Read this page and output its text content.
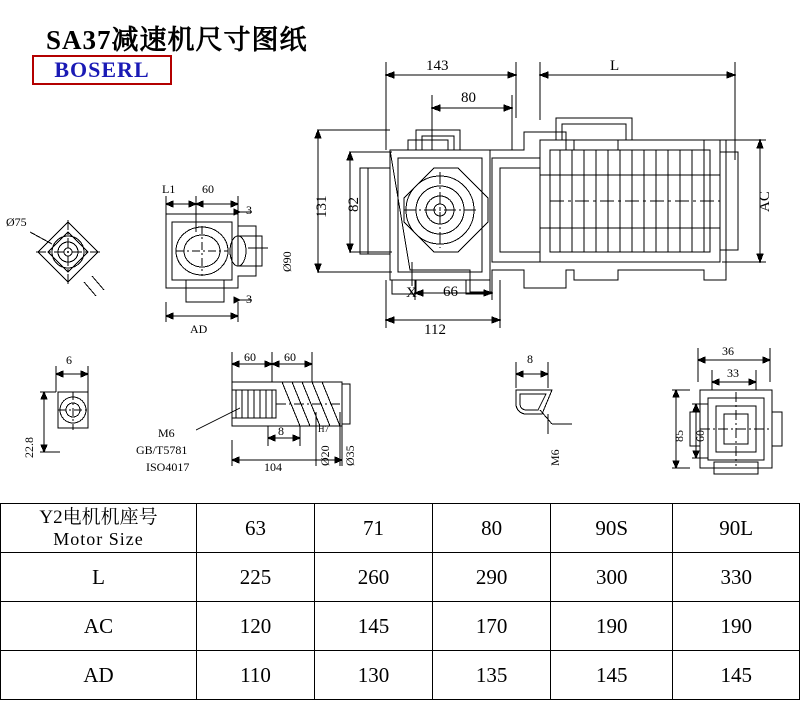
SA37减速机尺寸图纸
BOSERL	143	L
80
131 82	AC
X 66
112
Ø75
L1 60
3
3
Ø90
AD
6
22.8
60 60
8
104
Ø20
H7
Ø35
M6
GB/T5781
ISO4017
8
M6
36
33
85 60
Y2电机机座号
Motor Size	63	71	80	90S	90L
L	225	260	290	300	330
AC	120	145	170	190	190
AD	110	130	135	145	145
